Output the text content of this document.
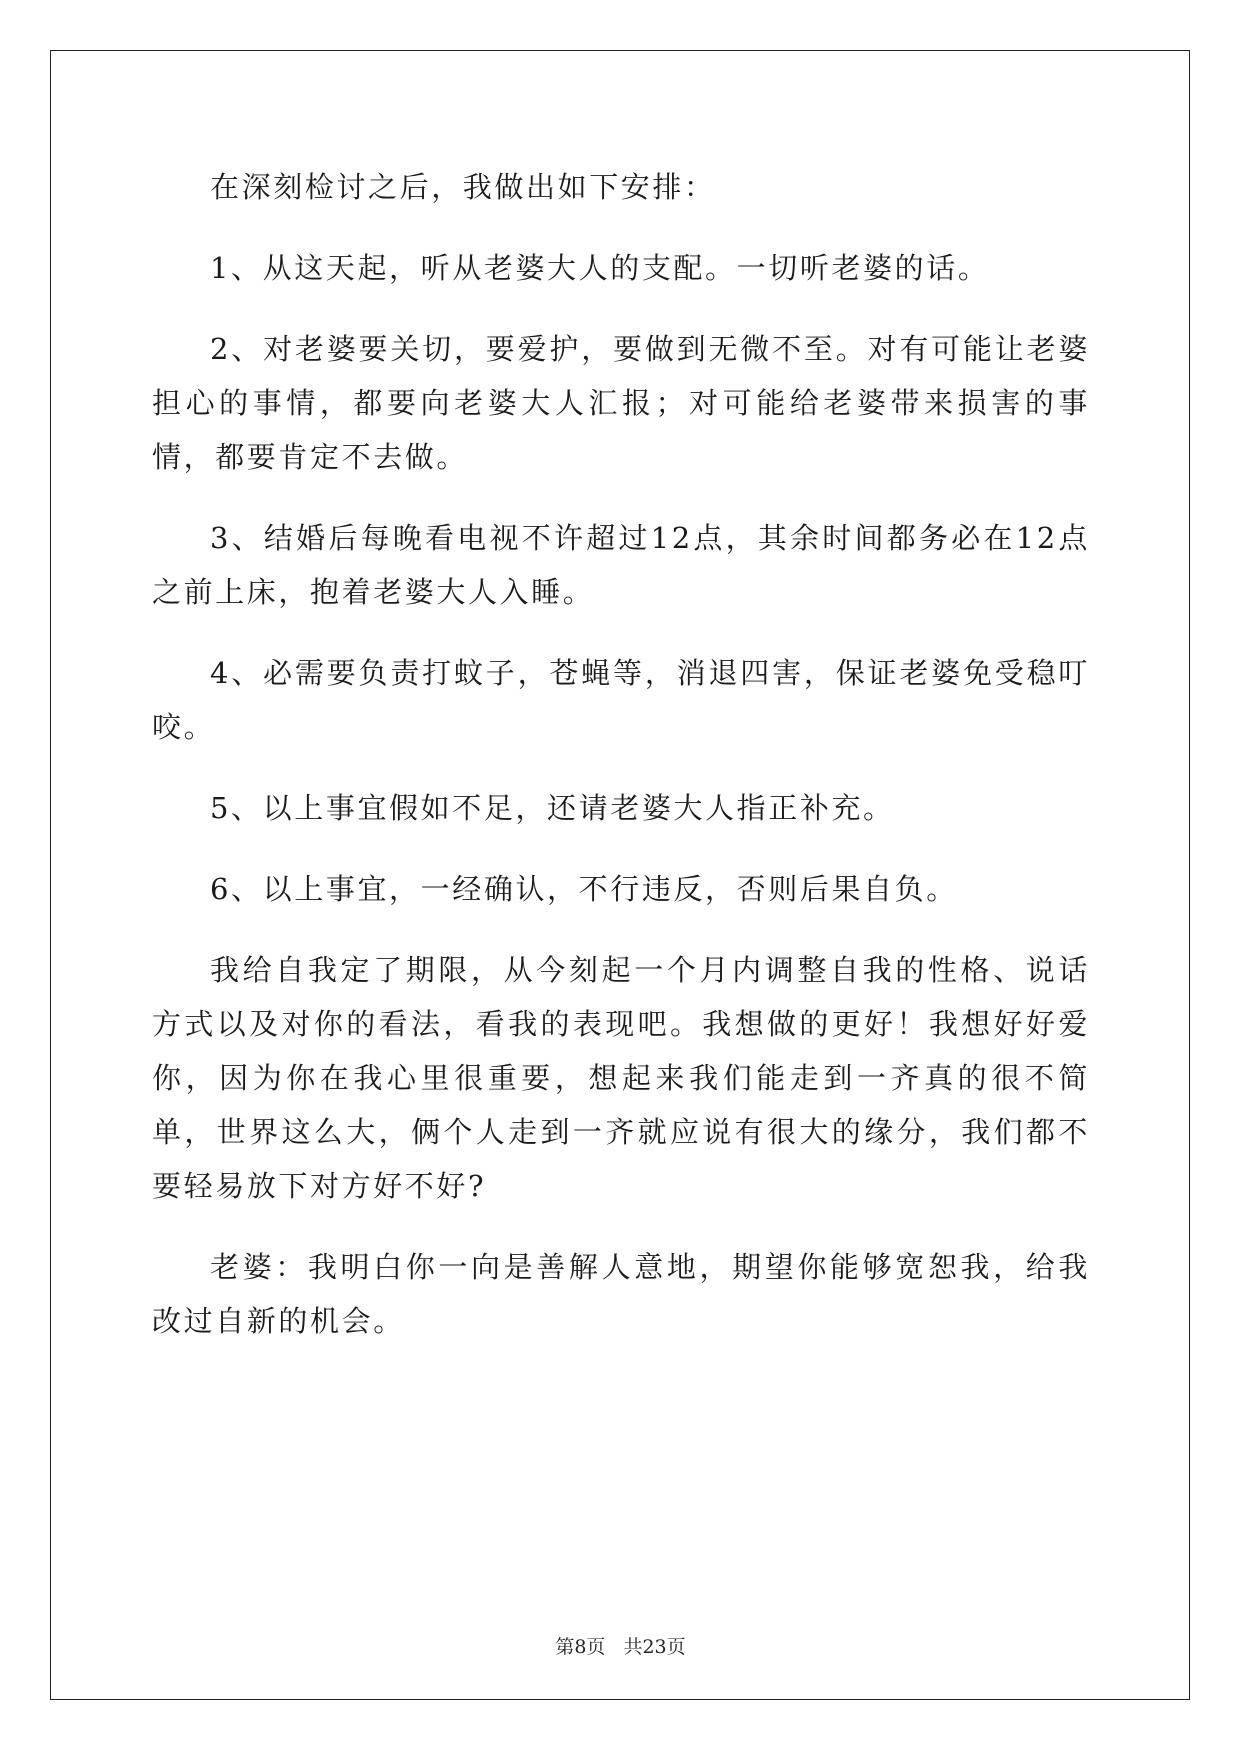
在深刻检讨之后，我做出如下安排：

1、从这天起，听从老婆大人的支配。一切听老婆的话。

2、对老婆要关切，要爱护，要做到无微不至。对有可能让老婆担心的事情，都要向老婆大人汇报；对可能给老婆带来损害的事情，都要肯定不去做。

3、结婚后每晚看电视不许超过12点，其余时间都务必在12点之前上床，抱着老婆大人入睡。

4、必需要负责打蚊子，苍蝇等，消退四害，保证老婆免受稳叮咬。

5、以上事宜假如不足，还请老婆大人指正补充。

6、以上事宜，一经确认，不行违反，否则后果自负。

我给自我定了期限，从今刻起一个月内调整自我的性格、说话方式以及对你的看法，看我的表现吧。我想做的更好！我想好好爱你，因为你在我心里很重要，想起来我们能走到一齐真的很不简单，世界这么大，俩个人走到一齐就应说有很大的缘分，我们都不要轻易放下对方好不好?

老婆：我明白你一向是善解人意地，期望你能够宽恕我，给我改过自新的机会。

第8页 共23页
